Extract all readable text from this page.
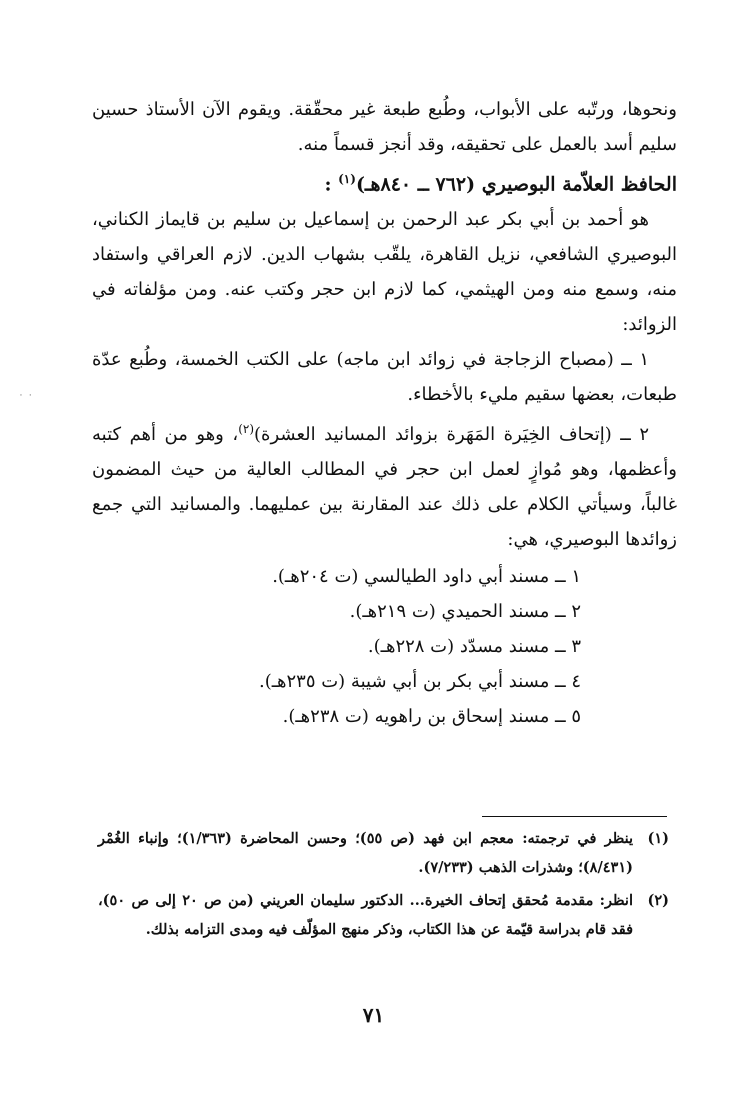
ونحوها، ورتّبه على الأبواب، وطُبع طبعة غير محقّقة. ويقوم الآن الأستاذ حسين سليم أسد بالعمل على تحقيقه، وقد أنجز قسماً منه.

الحافظ العلاّمة البوصيري (٧٦٢ ــ ٨٤٠هـ)$^{(١)}$ :

هو أحمد بن أبي بكر عبد الرحمن بن إسماعيل بن سليم بن قايماز الكناني، البوصيري الشافعي، نزيل القاهرة، يلقّب بشهاب الدين. لازم العراقي واستفاد منه، وسمع منه ومن الهيثمي، كما لازم ابن حجر وكتب عنه. ومن مؤلفاته في الزوائد:

١ ــ (مصباح الزجاجة في زوائد ابن ماجه) على الكتب الخمسة، وطُبع عدّة طبعات، بعضها سقيم مليء بالأخطاء.

٢ ــ (إتحاف الخِيَرة المَهَرة بزوائد المسانيد العشرة)$^{(٢)}$، وهو من أهم كتبه وأعظمها، وهو مُوازٍ لعمل ابن حجر في المطالب العالية من حيث المضمون غالباً، وسيأتي الكلام على ذلك عند المقارنة بين عمليهما. والمسانيد التي جمع زوائدها البوصيري، هي:

١ ــ مسند أبي داود الطيالسي (ت ٢٠٤هـ).

٢ ــ مسند الحميدي (ت ٢١٩هـ).

٣ ــ مسند مسدّد (ت ٢٢٨هـ).

٤ ــ مسند أبي بكر بن أبي شيبة (ت ٢٣٥هـ).

٥ ــ مسند إسحاق بن راهويه (ت ٢٣٨هـ).

(١)
ينظر في ترجمته: معجم ابن فهد (ص ٥٥)؛ وحسن المحاضرة (١/٣٦٣)؛ وإنباء الغُمْر (٨/٤٣١)؛ وشذرات الذهب (٧/٢٣٣).
(٢)
انظر: مقدمة مُحقق إتحاف الخيرة... الدكتور سليمان العريني (من ص ٢٠ إلى ص ٥٠)، فقد قام بدراسة قيّمة عن هذا الكتاب، وذكر منهج المؤلّف فيه ومدى التزامه بذلك.
٧١
٠ ٠
